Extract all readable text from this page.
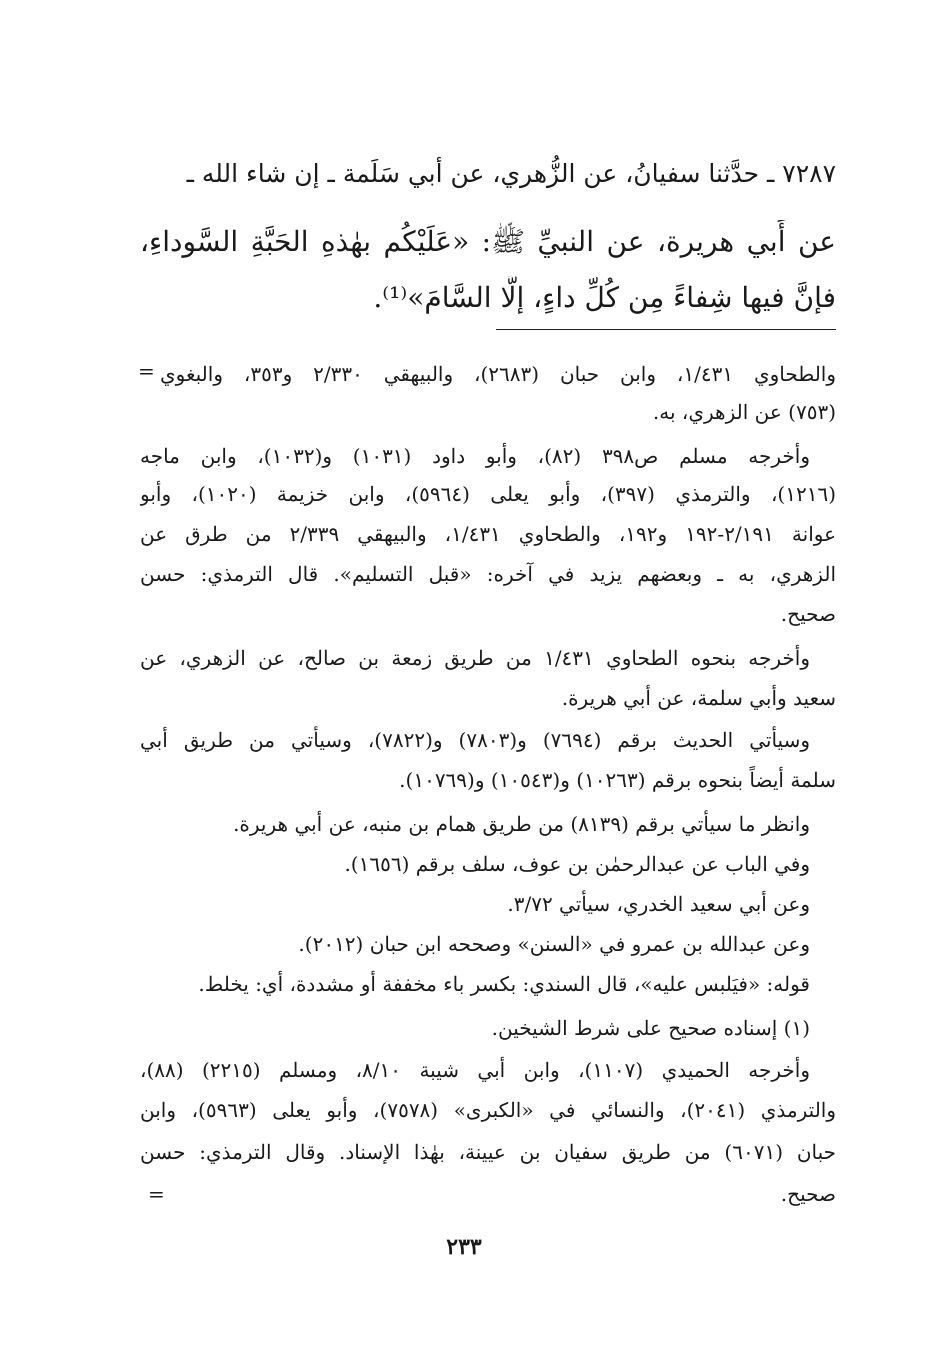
٧٢٨٧ ـ حدَّثنا سفيانُ، عن الزُّهري، عن أبي سَلَمة ـ إن شاء الله ـ
عن أَبي هريرة، عن النبيِّ ﷺ: «عَلَيْكُم بهٰذهِ الحَبَّةِ السَّوداءِ،
فإنَّ فيها شِفاءً مِن كُلِّ داءٍ، إلَّا السَّامَ»⁽¹⁾.
= والطحاوي ١/٤٣١، وابن حبان (٢٦٨٣)، والبيهقي ٢/٣٣٠ و٣٥٣، والبغوي
(٧٥٣) عن الزهري، به.
وأخرجه مسلم ص٣٩٨ (٨٢)، وأبو داود (١٠٣١) و(١٠٣٢)، وابن ماجه
(١٢١٦)، والترمذي (٣٩٧)، وأبو يعلى (٥٩٦٤)، وابن خزيمة (١٠٢٠)، وأبو
عوانة ٢/١٩١-١٩٢ و١٩٢، والطحاوي ١/٤٣١، والبيهقي ٢/٣٣٩ من طرق عن
الزهري، به ـ وبعضهم يزيد في آخره: «قبل التسليم». قال الترمذي: حسن
صحيح.
وأخرجه بنحوه الطحاوي ١/٤٣١ من طريق زمعة بن صالح، عن الزهري، عن
سعيد وأبي سلمة، عن أبي هريرة.
وسيأتي الحديث برقم (٧٦٩٤) و(٧٨٠٣) و(٧٨٢٢)، وسيأتي من طريق أبي
سلمة أيضاً بنحوه برقم (١٠٢٦٣) و(١٠٥٤٣) و(١٠٧٦٩).
وانظر ما سيأتي برقم (٨١٣٩) من طريق همام بن منبه، عن أبي هريرة.
وفي الباب عن عبدالرحمٰن بن عوف، سلف برقم (١٦٥٦).
وعن أبي سعيد الخدري، سيأتي ٣/٧٢.
وعن عبدالله بن عمرو في «السنن» وصححه ابن حبان (٢٠١٢).
قوله: «فيَلبس عليه»، قال السندي: بكسر باء مخففة أو مشددة، أي: يخلط.
(١) إسناده صحيح على شرط الشيخين.
وأخرجه الحميدي (١١٠٧)، وابن أبي شيبة ٨/١٠، ومسلم (٢٢١٥) (٨٨)،
والترمذي (٢٠٤١)، والنسائي في «الكبرى» (٧٥٧٨)، وأبو يعلى (٥٩٦٣)، وابن
حبان (٦٠٧١) من طريق سفيان بن عيينة، بهٰذا الإسناد. وقال الترمذي: حسن
صحيح.
=
٢٣٣
